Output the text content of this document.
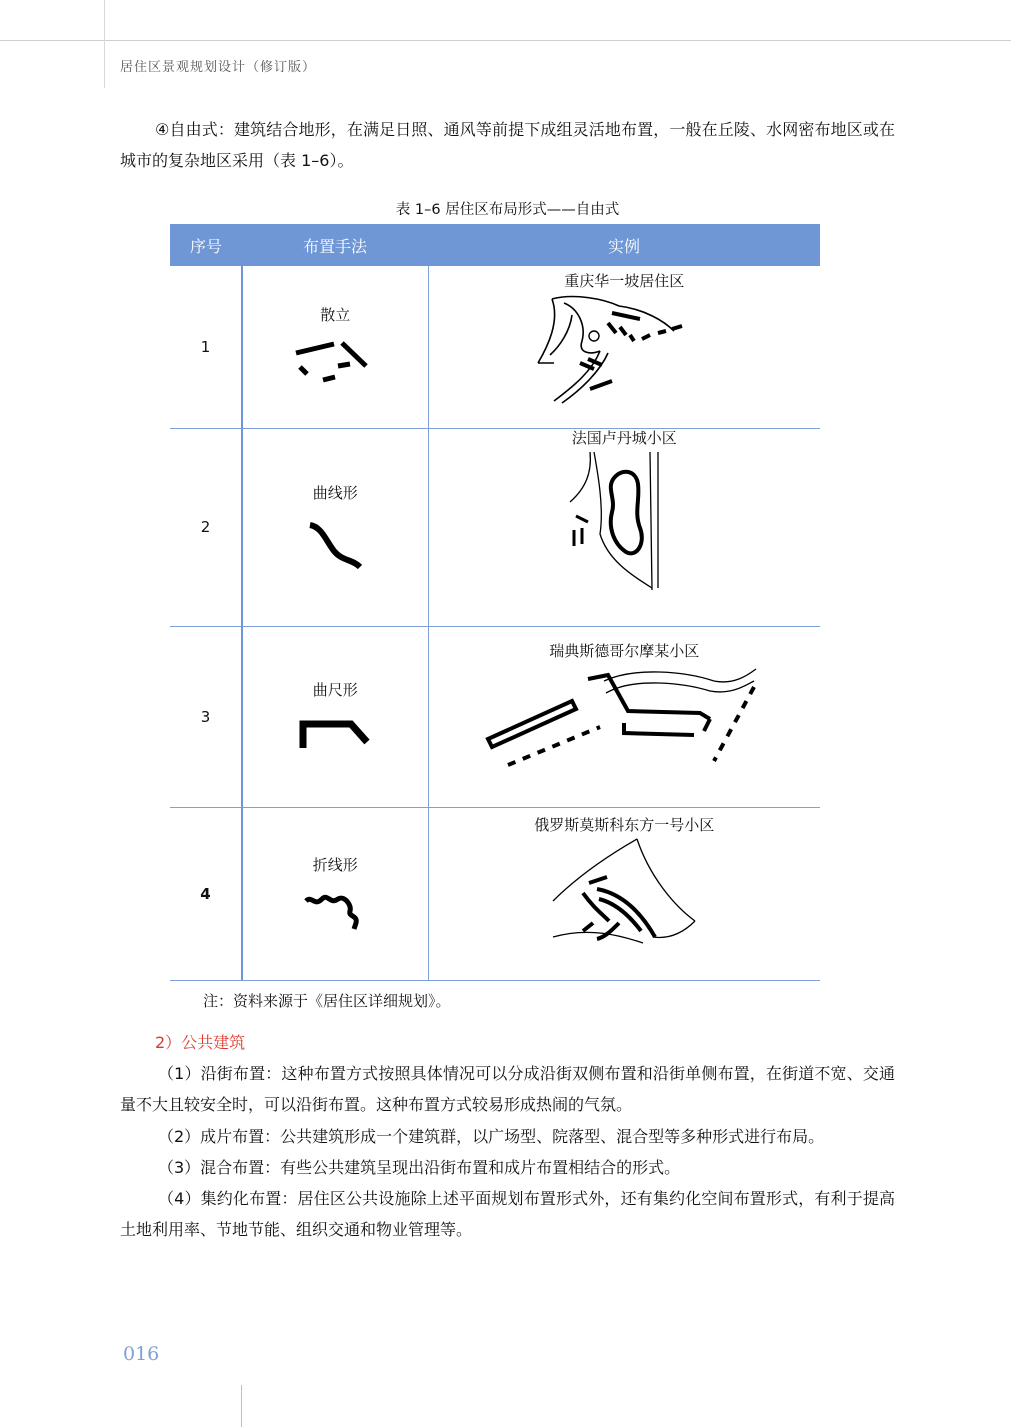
居住区景观规划设计（修订版）
④自由式：建筑结合地形，在满足日照、通风等前提下成组灵活地布置，一般在丘陵、水网密布地区或在城市的复杂地区采用（表 1–6）。
表 1–6 居住区布局形式——自由式
序号	布置手法	实例
1	散立	重庆华一坡居住区

2	曲线形	法国卢丹城小区

3	曲尺形	瑞典斯德哥尔摩某小区

4	折线形	俄罗斯莫斯科东方一号小区
注：资料来源于《居住区详细规划》。
2）公共建筑
（1）沿街布置：这种布置方式按照具体情况可以分成沿街双侧布置和沿街单侧布置，在街道不宽、交通量不大且较安全时，可以沿街布置。这种布置方式较易形成热闹的气氛。
（2）成片布置：公共建筑形成一个建筑群，以广场型、院落型、混合型等多种形式进行布局。
（3）混合布置：有些公共建筑呈现出沿街布置和成片布置相结合的形式。
（4）集约化布置：居住区公共设施除上述平面规划布置形式外，还有集约化空间布置形式，有利于提高土地利用率、节地节能、组织交通和物业管理等。
016
